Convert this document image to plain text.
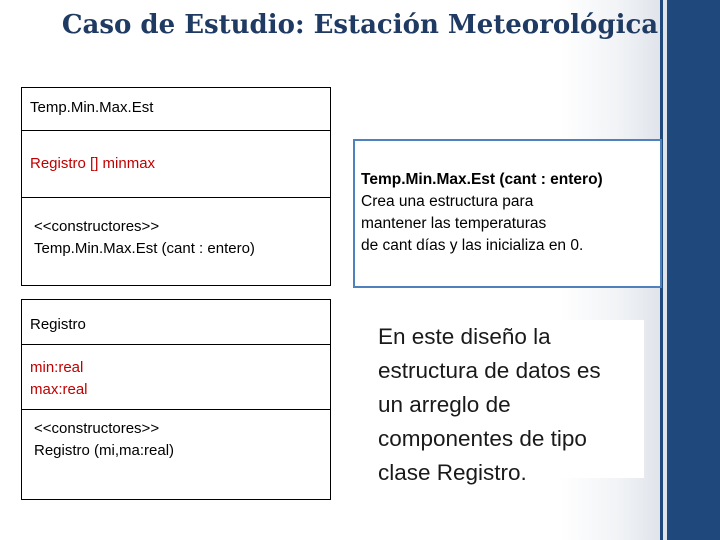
Caso de Estudio: Estación Meteorológica
Temp.Min.Max.Est
Registro [] minmax
<<constructores>>
Temp.Min.Max.Est (cant : entero)
Registro
min:real
max:real
<<constructores>>
Registro (mi,ma:real)
Temp.Min.Max.Est (cant : entero)
Crea una estructura para
mantener las temperaturas
de cant días y las inicializa en 0.
En este diseño la
estructura de datos es
un arreglo de
componentes de tipo
clase Registro.
